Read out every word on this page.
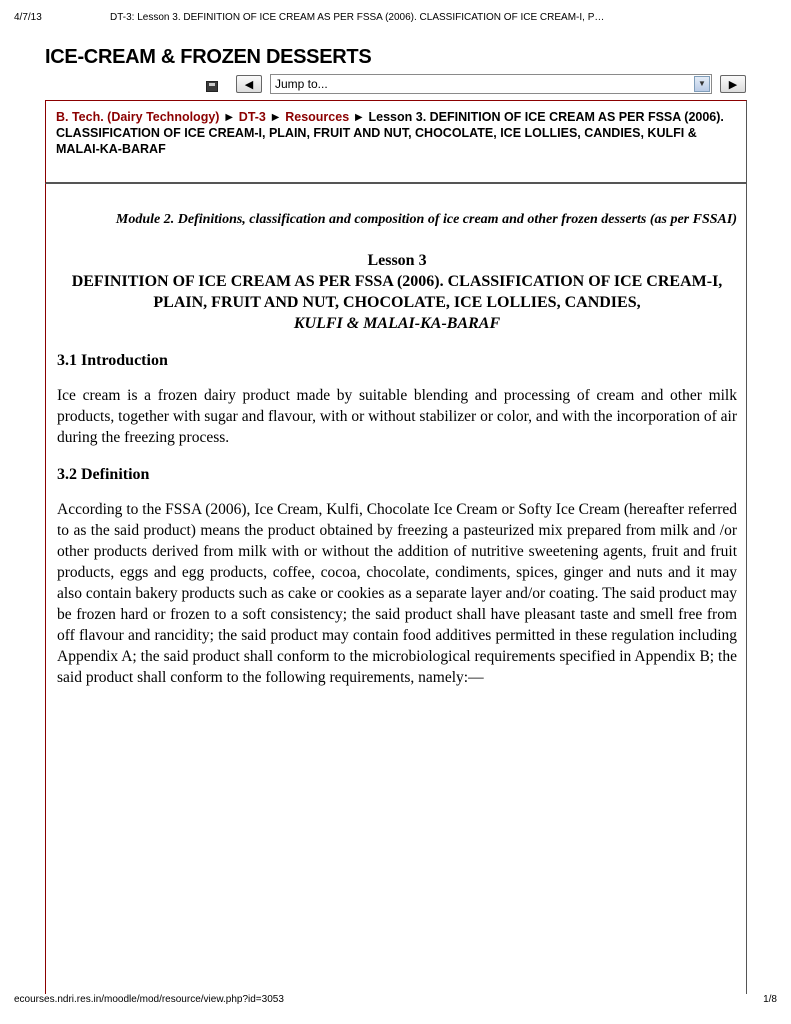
4/7/13	DT-3: Lesson 3. DEFINITION OF ICE CREAM AS PER FSSA (2006). CLASSIFICATION OF ICE CREAM-I, P…
ICE-CREAM & FROZEN DESSERTS
◀	Jump to...	▼	▶
B. Tech. (Dairy Technology) ► DT-3 ► Resources ► Lesson 3. DEFINITION OF ICE CREAM AS PER FSSA (2006). CLASSIFICATION OF ICE CREAM-I, PLAIN, FRUIT AND NUT, CHOCOLATE, ICE LOLLIES, CANDIES, KULFI & MALAI-KA-BARAF

Module 2. Definitions, classification and composition of ice cream and other frozen desserts (as per FSSAI)

Lesson 3

DEFINITION OF ICE CREAM AS PER FSSA (2006). CLASSIFICATION OF ICE CREAM-I, PLAIN, FRUIT AND NUT, CHOCOLATE, ICE LOLLIES, CANDIES,
KULFI & MALAI-KA-BARAF

3.1 Introduction

Ice cream is a frozen dairy product made by suitable blending and processing of cream and other milk products, together with sugar and flavour, with or without stabilizer or color, and with the incorporation of air during the freezing process.

3.2 Definition

According to the FSSA (2006), Ice Cream, Kulfi, Chocolate Ice Cream or Softy Ice Cream (hereafter referred to as the said product) means the product obtained by freezing a pasteurized mix prepared from milk and /or other products derived from milk with or without the addition of nutritive sweetening agents, fruit and fruit products, eggs and egg products, coffee, cocoa, chocolate, condiments, spices, ginger and nuts and it may also contain bakery products such as cake or cookies as a separate layer and/or coating. The said product may be frozen hard or frozen to a soft consistency; the said product shall have pleasant taste and smell free from off flavour and rancidity; the said product may contain food additives permitted in these regulation including Appendix A; the said product shall conform to the microbiological requirements specified in Appendix B; the said product shall conform to the following requirements, namely:—

ecourses.ndri.res.in/moodle/mod/resource/view.php?id=3053	1/8
